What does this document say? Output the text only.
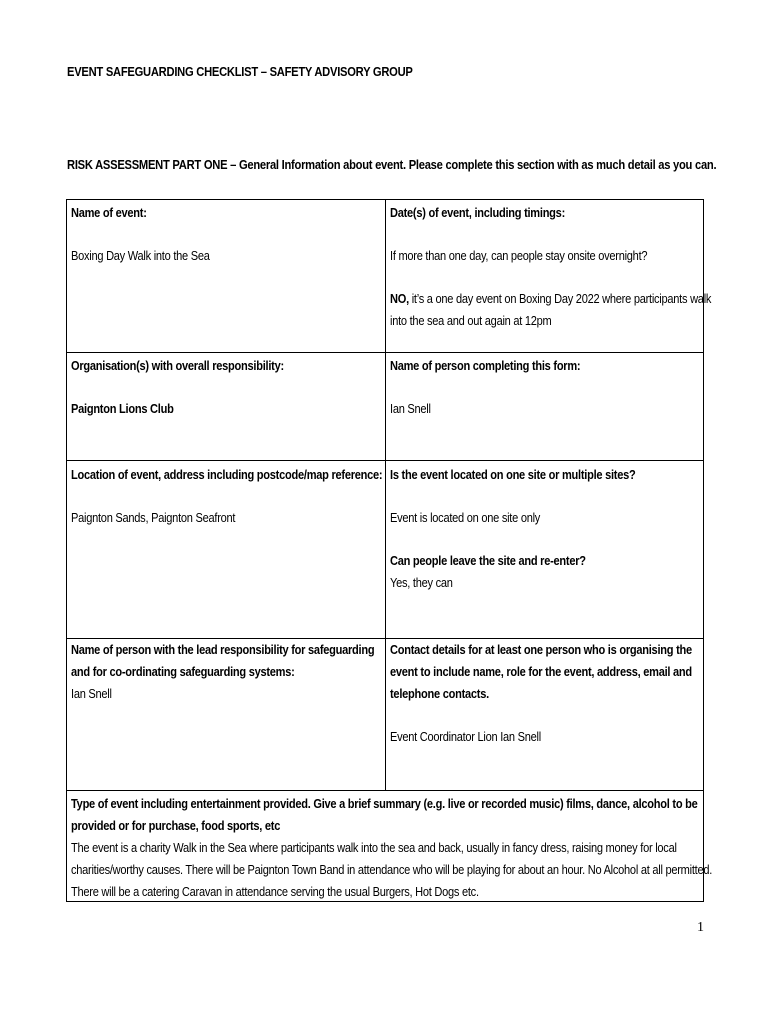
EVENT SAFEGUARDING CHECKLIST – SAFETY ADVISORY GROUP
RISK ASSESSMENT PART ONE – General Information about event. Please complete this section with as much detail as you can.
Name of event:
Boxing Day Walk into the Sea
Date(s) of event, including timings:
If more than one day, can people stay onsite overnight?
NO, it’s a one day event on Boxing Day 2022 where participants walk
into the sea and out again at 12pm
Organisation(s) with overall responsibility:
Paignton Lions Club
Name of person completing this form:
Ian Snell
Location of event, address including postcode/map reference:
Paignton Sands, Paignton Seafront
Is the event located on one site or multiple sites?
Event is located on one site only
Can people leave the site and re-enter?
Yes, they can
Name of person with the lead responsibility for safeguarding
and for co-ordinating safeguarding systems:
Ian Snell
Contact details for at least one person who is organising the
event to include name, role for the event, address, email and
telephone contacts.
Event Coordinator Lion Ian Snell
Type of event including entertainment provided. Give a brief summary (e.g. live or recorded music) films, dance, alcohol to be
provided or for purchase, food sports, etc
The event is a charity Walk in the Sea where participants walk into the sea and back, usually in fancy dress, raising money for local
charities/worthy causes. There will be Paignton Town Band in attendance who will be playing for about an hour. No Alcohol at all permitted.
There will be a catering Caravan in attendance serving the usual Burgers, Hot Dogs etc.
1
